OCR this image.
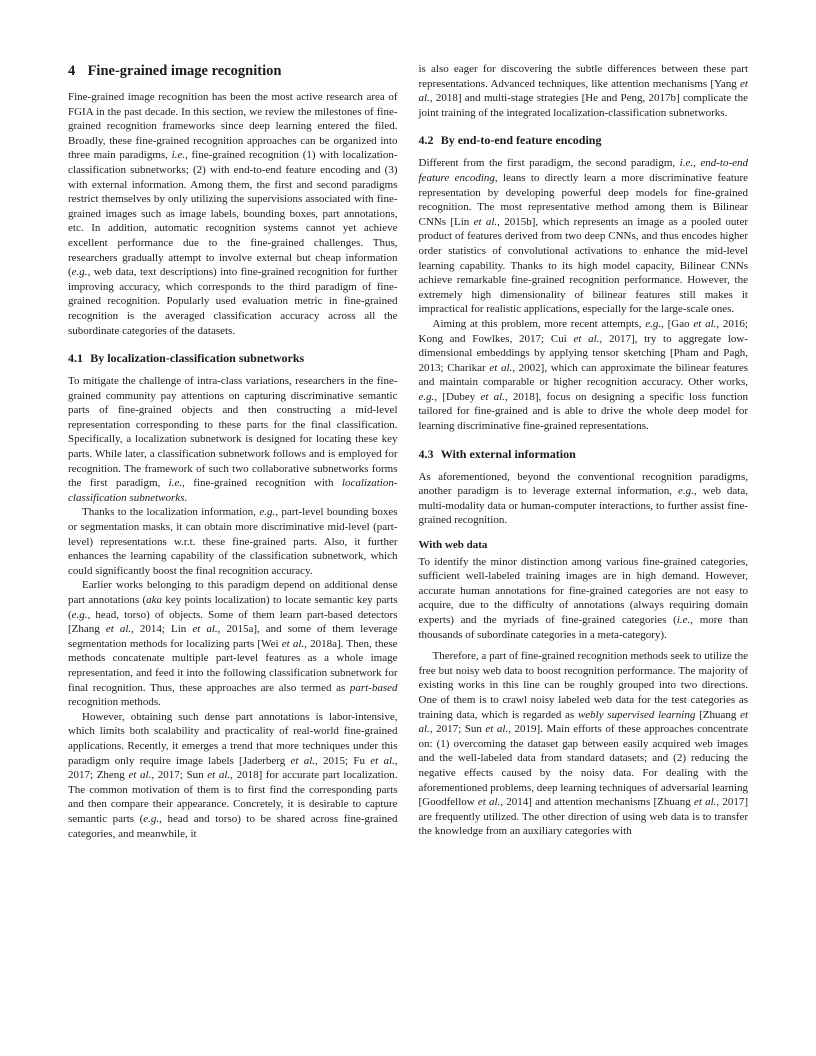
4 Fine-grained image recognition

Fine-grained image recognition has been the most active research area of FGIA in the past decade. In this section, we review the milestones of fine-grained recognition frameworks since deep learning entered the filed. Broadly, these fine-grained recognition approaches can be organized into three main paradigms, i.e., fine-grained recognition (1) with localization-classification subnetworks; (2) with end-to-end feature encoding and (3) with external information. Among them, the first and second paradigms restrict themselves by only utilizing the supervisions associated with fine-grained images such as image labels, bounding boxes, part annotations, etc. In addition, automatic recognition systems cannot yet achieve excellent performance due to the fine-grained challenges. Thus, researchers gradually attempt to involve external but cheap information (e.g., web data, text descriptions) into fine-grained recognition for further improving accuracy, which corresponds to the third paradigm of fine-grained recognition. Popularly used evaluation metric in fine-grained recognition is the averaged classification accuracy across all the subordinate categories of the datasets.

4.1 By localization-classification subnetworks

To mitigate the challenge of intra-class variations, researchers in the fine-grained community pay attentions on capturing discriminative semantic parts of fine-grained objects and then constructing a mid-level representation corresponding to these parts for the final classification. Specifically, a localization subnetwork is designed for locating these key parts. While later, a classification subnetwork follows and is employed for recognition. The framework of such two collaborative subnetworks forms the first paradigm, i.e., fine-grained recognition with localization-classification subnetworks.

Thanks to the localization information, e.g., part-level bounding boxes or segmentation masks, it can obtain more discriminative mid-level (part-level) representations w.r.t. these fine-grained parts. Also, it further enhances the learning capability of the classification subnetwork, which could significantly boost the final recognition accuracy.

Earlier works belonging to this paradigm depend on additional dense part annotations (aka key points localization) to locate semantic key parts (e.g., head, torso) of objects. Some of them learn part-based detectors [Zhang et al., 2014; Lin et al., 2015a], and some of them leverage segmentation methods for localizing parts [Wei et al., 2018a]. Then, these methods concatenate multiple part-level features as a whole image representation, and feed it into the following classification subnetwork for final recognition. Thus, these approaches are also termed as part-based recognition methods.

However, obtaining such dense part annotations is labor-intensive, which limits both scalability and practicality of real-world fine-grained applications. Recently, it emerges a trend that more techniques under this paradigm only require image labels [Jaderberg et al., 2015; Fu et al., 2017; Zheng et al., 2017; Sun et al., 2018] for accurate part localization. The common motivation of them is to first find the corresponding parts and then compare their appearance. Concretely, it is desirable to capture semantic parts (e.g., head and torso) to be shared across fine-grained categories, and meanwhile, it

is also eager for discovering the subtle differences between these part representations. Advanced techniques, like attention mechanisms [Yang et al., 2018] and multi-stage strategies [He and Peng, 2017b] complicate the joint training of the integrated localization-classification subnetworks.

4.2 By end-to-end feature encoding

Different from the first paradigm, the second paradigm, i.e., end-to-end feature encoding, leans to directly learn a more discriminative feature representation by developing powerful deep models for fine-grained recognition. The most representative method among them is Bilinear CNNs [Lin et al., 2015b], which represents an image as a pooled outer product of features derived from two deep CNNs, and thus encodes higher order statistics of convolutional activations to enhance the mid-level learning capability. Thanks to its high model capacity, Bilinear CNNs achieve remarkable fine-grained recognition performance. However, the extremely high dimensionality of bilinear features still makes it impractical for realistic applications, especially for the large-scale ones.

Aiming at this problem, more recent attempts, e.g., [Gao et al., 2016; Kong and Fowlkes, 2017; Cui et al., 2017], try to aggregate low-dimensional embeddings by applying tensor sketching [Pham and Pagh, 2013; Charikar et al., 2002], which can approximate the bilinear features and maintain comparable or higher recognition accuracy. Other works, e.g., [Dubey et al., 2018], focus on designing a specific loss function tailored for fine-grained and is able to drive the whole deep model for learning discriminative fine-grained representations.

4.3 With external information

As aforementioned, beyond the conventional recognition paradigms, another paradigm is to leverage external information, e.g., web data, multi-modality data or human-computer interactions, to further assist fine-grained recognition.

With web data

To identify the minor distinction among various fine-grained categories, sufficient well-labeled training images are in high demand. However, accurate human annotations for fine-grained categories are not easy to acquire, due to the difficulty of annotations (always requiring domain experts) and the myriads of fine-grained categories (i.e., more than thousands of subordinate categories in a meta-category).

Therefore, a part of fine-grained recognition methods seek to utilize the free but noisy web data to boost recognition performance. The majority of existing works in this line can be roughly grouped into two directions. One of them is to crawl noisy labeled web data for the test categories as training data, which is regarded as webly supervised learning [Zhuang et al., 2017; Sun et al., 2019]. Main efforts of these approaches concentrate on: (1) overcoming the dataset gap between easily acquired web images and the well-labeled data from standard datasets; and (2) reducing the negative effects caused by the noisy data. For dealing with the aforementioned problems, deep learning techniques of adversarial learning [Goodfellow et al., 2014] and attention mechanisms [Zhuang et al., 2017] are frequently utilized. The other direction of using web data is to transfer the knowledge from an auxiliary categories with
